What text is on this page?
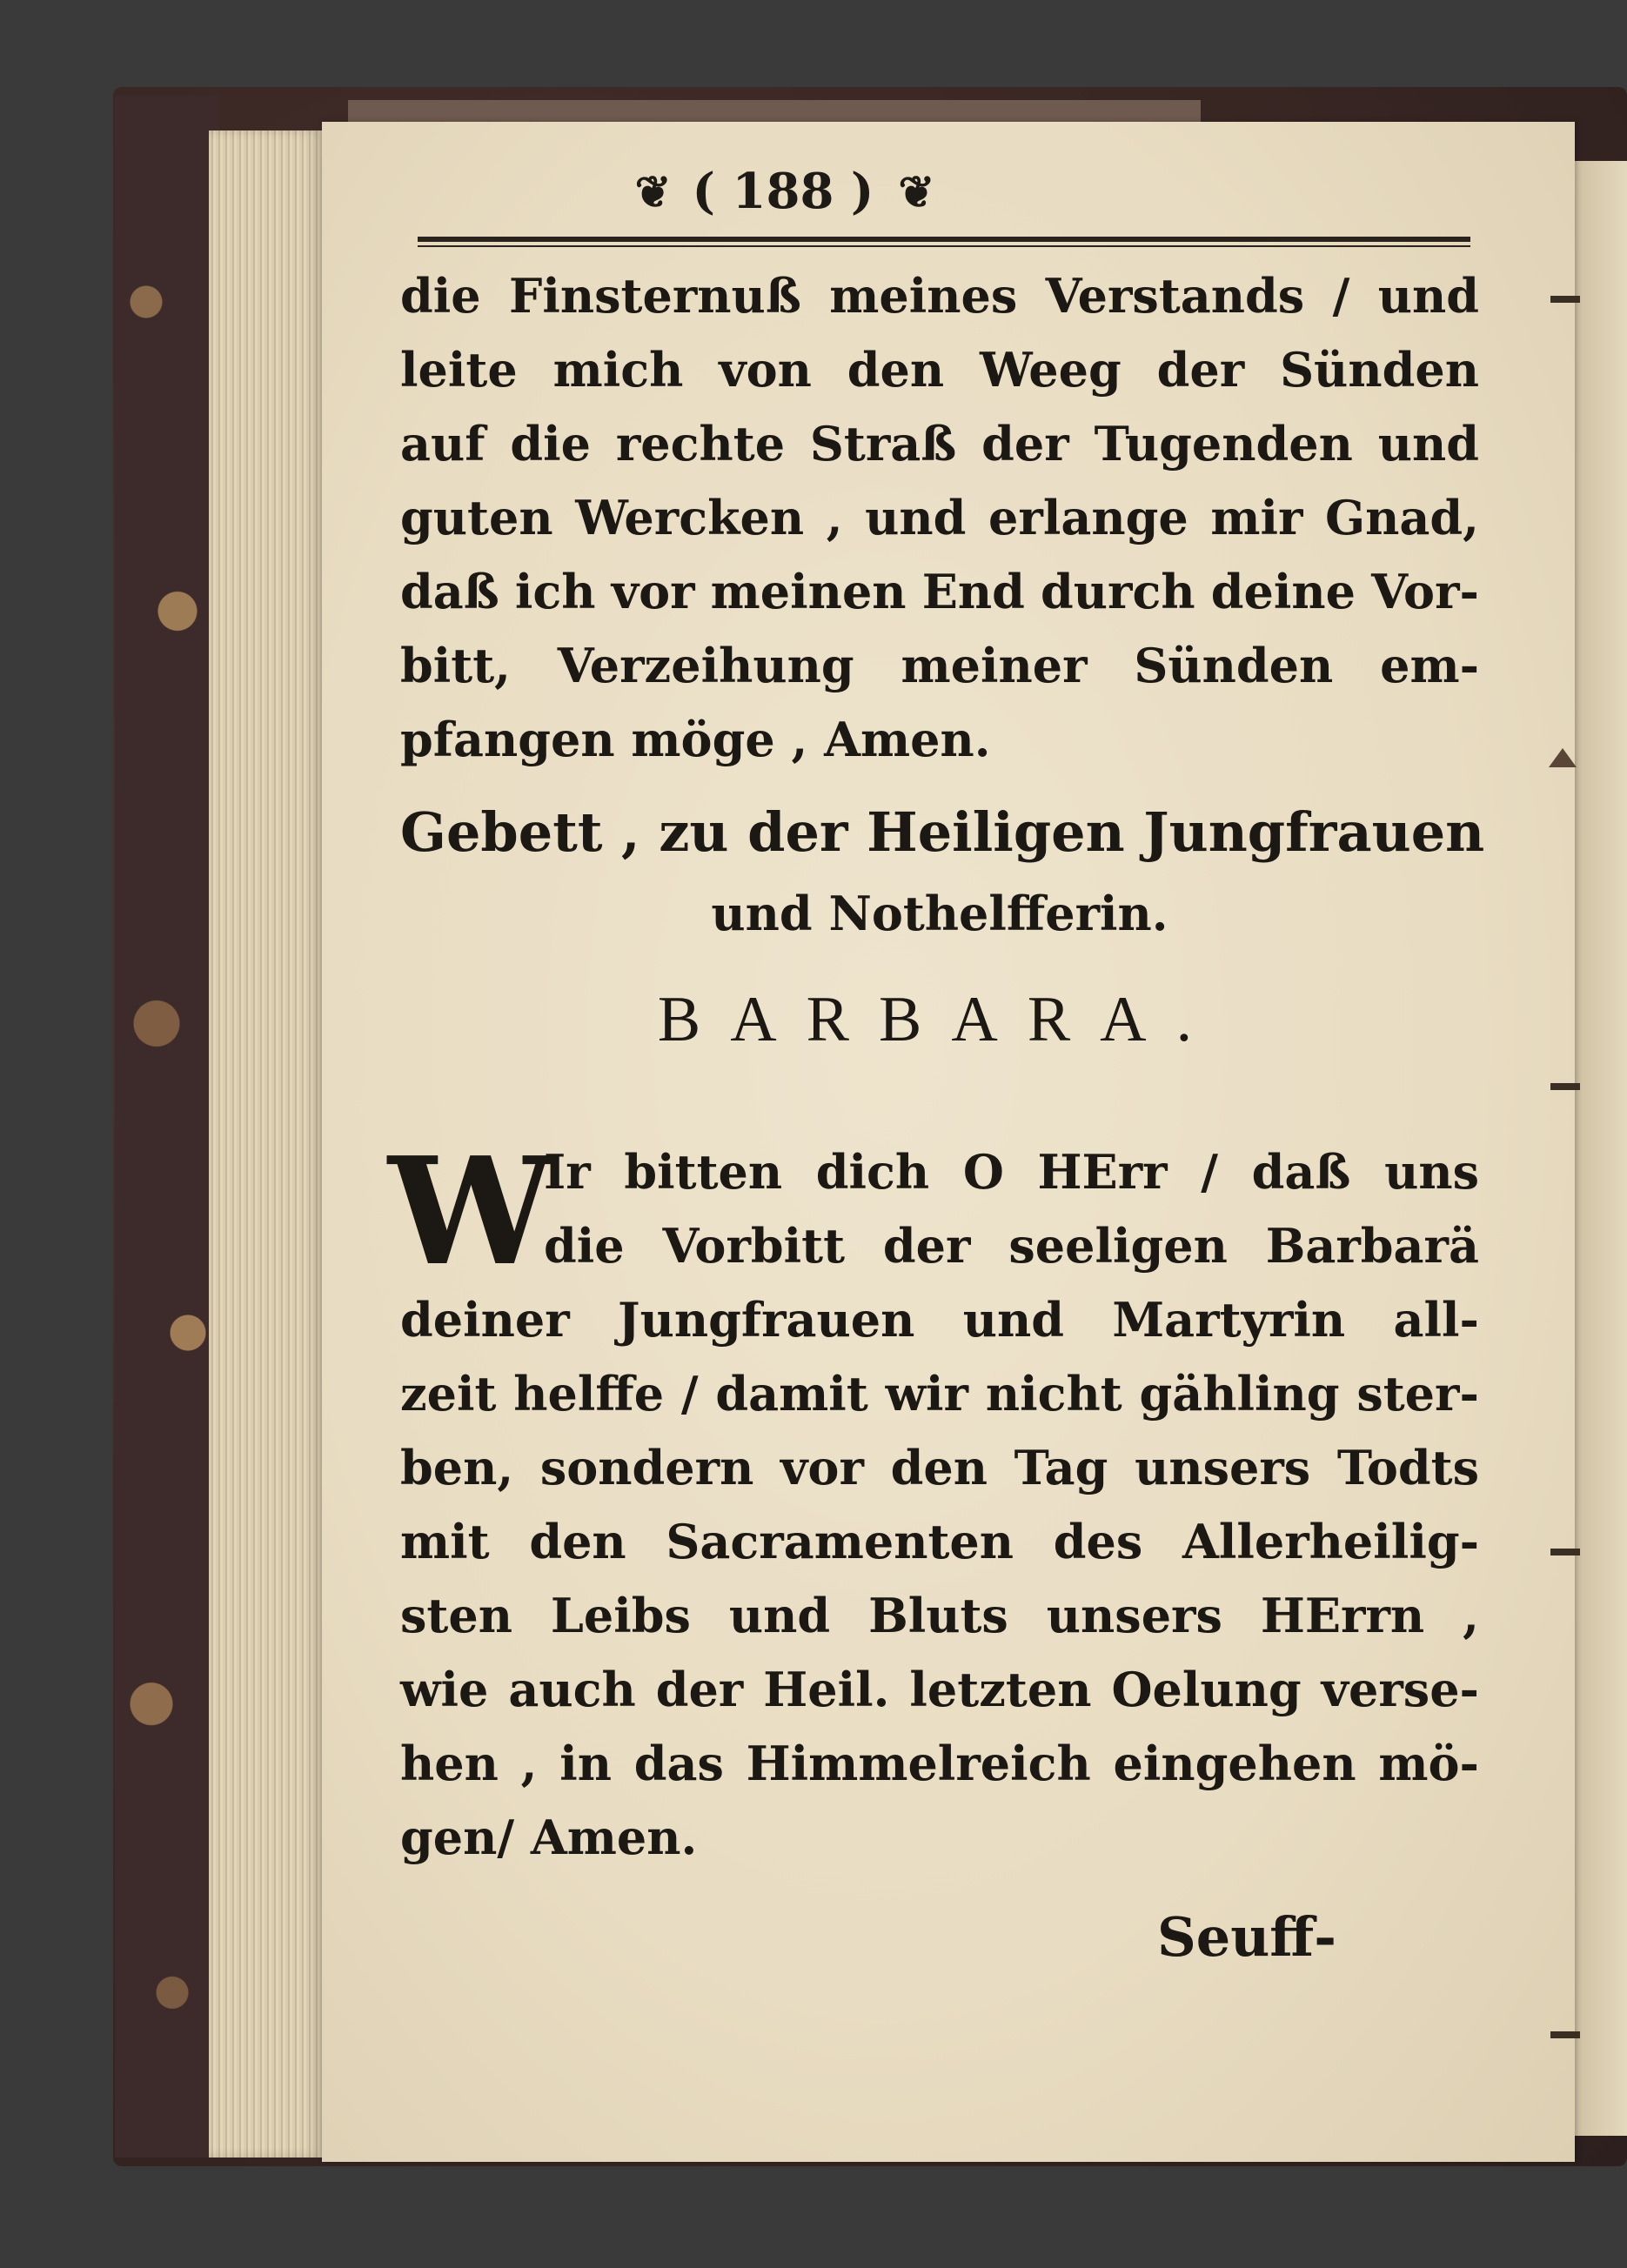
❦ ( 188 ) ❦
die Finsternuß meines Verstands / und
leite mich von den Weeg der Sünden
auf die rechte Straß der Tugenden und
guten Wercken , und erlange mir Gnad,
daß ich vor meinen End durch deine Vor-
bitt, Verzeihung meiner Sünden em-
pfangen möge , Amen.
Gebett , zu der Heiligen Jungfrauen
und Nothelfferin.
BARBARA.
W
Ir bitten dich O HErr / daß uns
die Vorbitt der seeligen Barbarä
deiner Jungfrauen und Martyrin all-
zeit helffe / damit wir nicht gähling ster-
ben, sondern vor den Tag unsers Todts
mit den Sacramenten des Allerheilig-
sten Leibs und Bluts unsers HErrn ,
wie auch der Heil. letzten Oelung verse-
hen , in das Himmelreich eingehen mö-
gen/ Amen.
Seuff-
